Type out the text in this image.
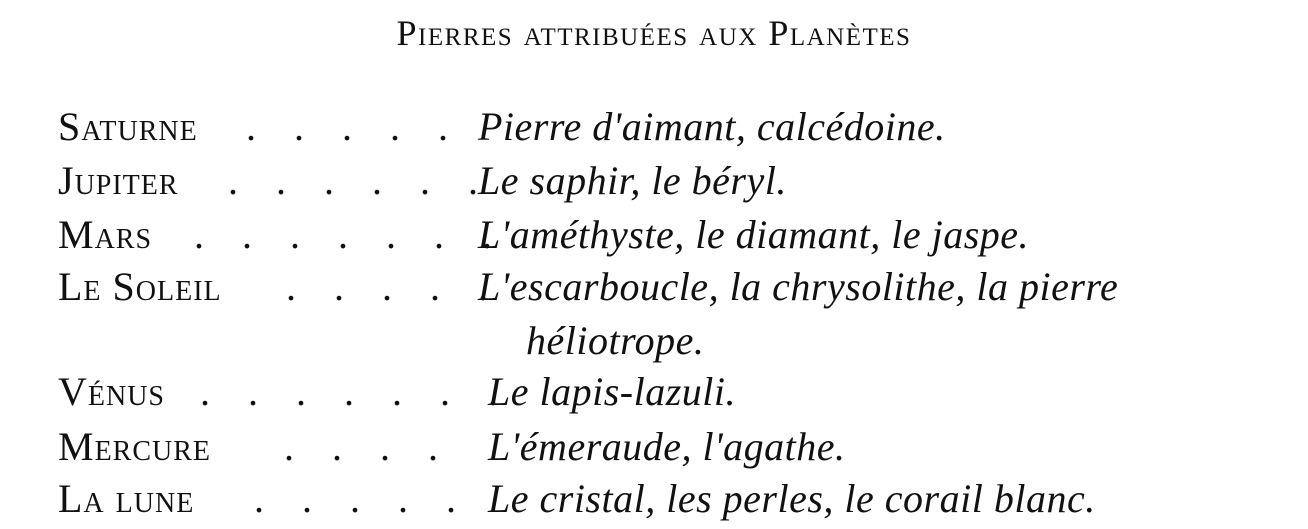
Pierres attribuées aux Planètes
Saturne . . . . . Pierre d'aimant, calcédoine.
Jupiter . . . . . .
Le saphir, le béryl.
Mars . . . . . . .
L'améthyste, le diamant, le jaspe.
Le Soleil . . . . .
L'escarboucle, la chrysolithe, la pierre
héliotrope.
Vénus . . . . . . .
Le lapis-lazuli.
Mercure . . . . L'émeraude, l'agathe.
La lune . . . . . Le cristal, les perles, le corail blanc.
